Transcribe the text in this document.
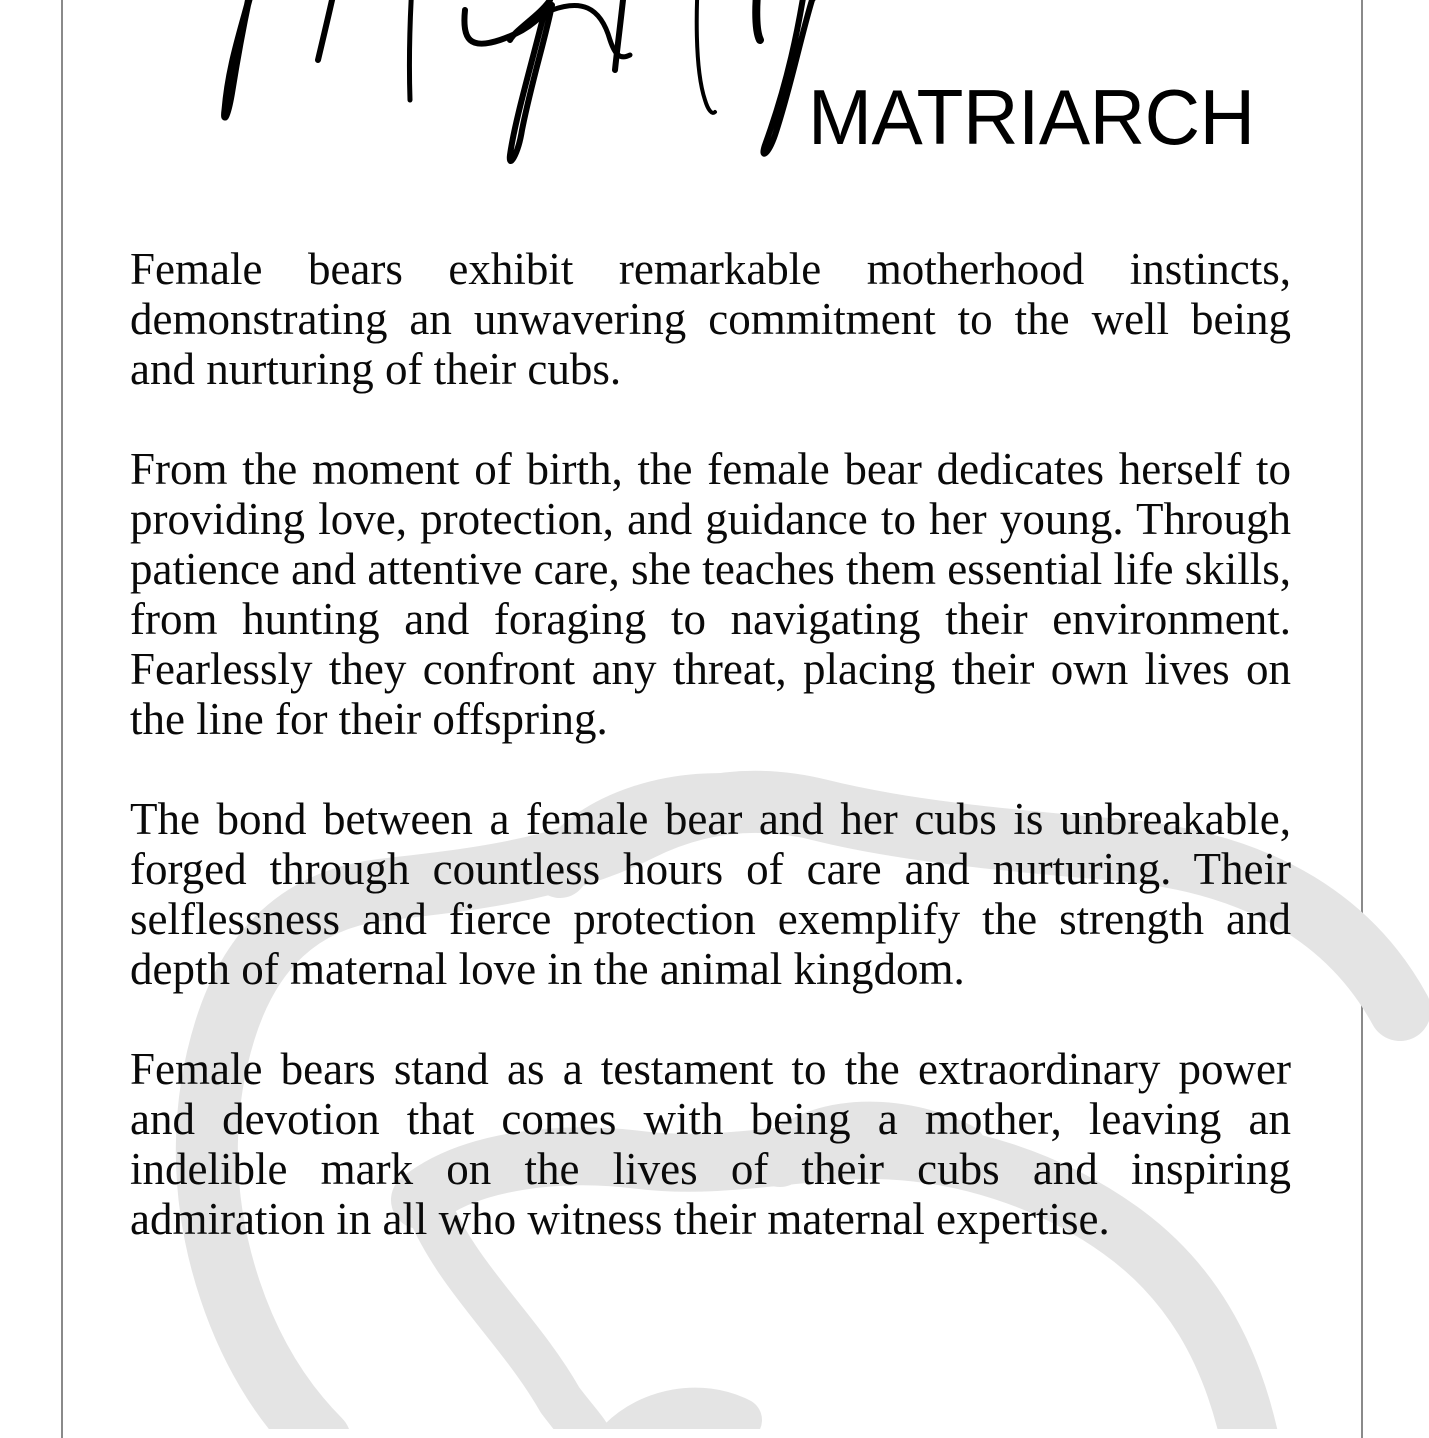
MATRIARCH

Female bears exhibit remarkable motherhood instincts, demonstrating an unwavering commitment to the well being and nurturing of their cubs.

From the moment of birth, the female bear dedicates herself to providing love, protection, and guidance to her young. Through patience and attentive care, she teaches them essential life skills, from hunting and foraging to navigating their environment. Fearlessly they confront any threat, placing their own lives on the line for their offspring.

The bond between a female bear and her cubs is unbreakable, forged through countless hours of care and nurturing. Their selflessness and fierce protection exemplify the strength and depth of maternal love in the animal kingdom.

Female bears stand as a testament to the extraordinary power and devotion that comes with being a mother, leaving an indelible mark on the lives of their cubs and inspiring admiration in all who witness their maternal expertise.
